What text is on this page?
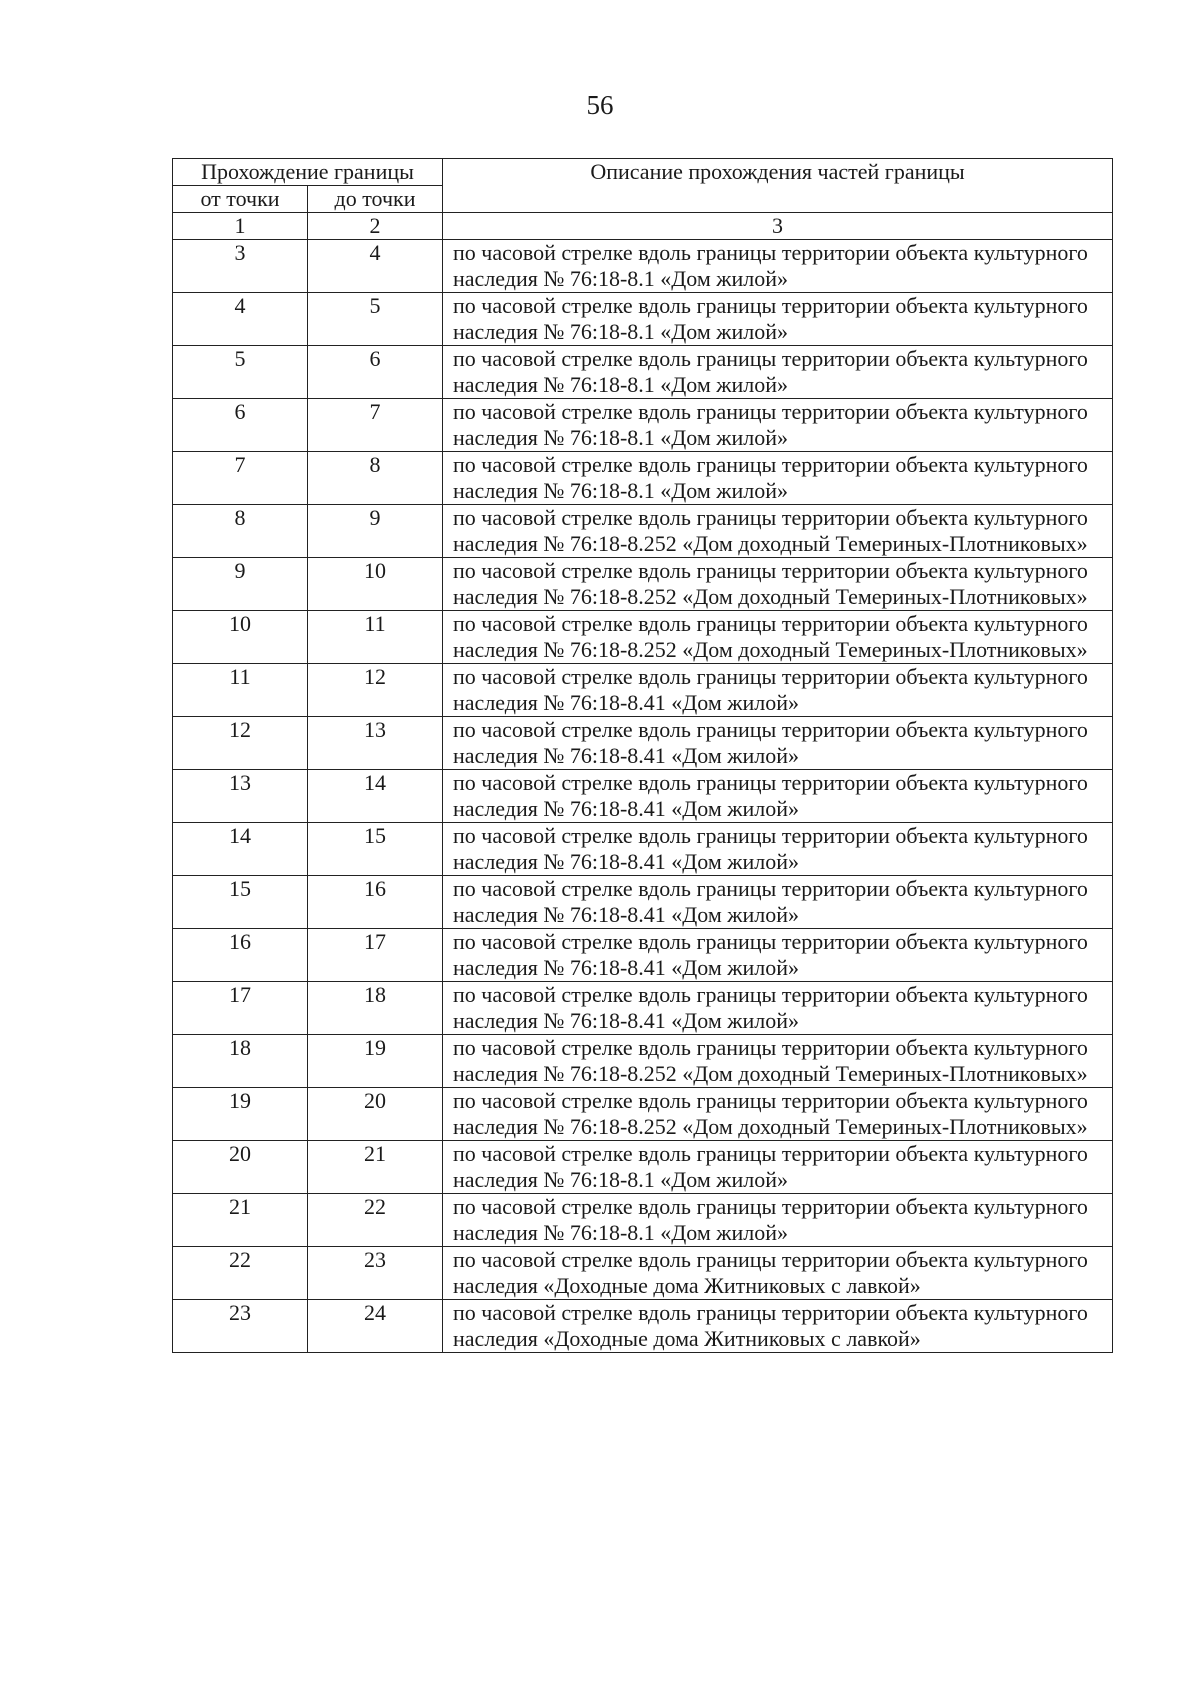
56
Прохождение границы		Описание прохождения частей границы
от точки	до точки	
1	2	3
3	4	по часовой стрелке вдоль границы территории объекта культурного наследия № 76:18-8.1 «Дом жилой»
4	5	по часовой стрелке вдоль границы территории объекта культурного наследия № 76:18-8.1 «Дом жилой»
5	6	по часовой стрелке вдоль границы территории объекта культурного наследия № 76:18-8.1 «Дом жилой»
6	7	по часовой стрелке вдоль границы территории объекта культурного наследия № 76:18-8.1 «Дом жилой»
7	8	по часовой стрелке вдоль границы территории объекта культурного наследия № 76:18-8.1 «Дом жилой»
8	9	по часовой стрелке вдоль границы территории объекта культурного наследия № 76:18-8.252 «Дом доходный Темериных-Плотниковых»
9	10	по часовой стрелке вдоль границы территории объекта культурного наследия № 76:18-8.252 «Дом доходный Темериных-Плотниковых»
10	11	по часовой стрелке вдоль границы территории объекта культурного наследия № 76:18-8.252 «Дом доходный Темериных-Плотниковых»
11	12	по часовой стрелке вдоль границы территории объекта культурного наследия № 76:18-8.41 «Дом жилой»
12	13	по часовой стрелке вдоль границы территории объекта культурного наследия № 76:18-8.41 «Дом жилой»
13	14	по часовой стрелке вдоль границы территории объекта культурного наследия № 76:18-8.41 «Дом жилой»
14	15	по часовой стрелке вдоль границы территории объекта культурного наследия № 76:18-8.41 «Дом жилой»
15	16	по часовой стрелке вдоль границы территории объекта культурного наследия № 76:18-8.41 «Дом жилой»
16	17	по часовой стрелке вдоль границы территории объекта культурного наследия № 76:18-8.41 «Дом жилой»
17	18	по часовой стрелке вдоль границы территории объекта культурного наследия № 76:18-8.41 «Дом жилой»
18	19	по часовой стрелке вдоль границы территории объекта культурного наследия № 76:18-8.252 «Дом доходный Темериных-Плотниковых»
19	20	по часовой стрелке вдоль границы территории объекта культурного наследия № 76:18-8.252 «Дом доходный Темериных-Плотниковых»
20	21	по часовой стрелке вдоль границы территории объекта культурного наследия № 76:18-8.1 «Дом жилой»
21	22	по часовой стрелке вдоль границы территории объекта культурного наследия № 76:18-8.1 «Дом жилой»
22	23	по часовой стрелке вдоль границы территории объекта культурного наследия «Доходные дома Житниковых с лавкой»
23	24	по часовой стрелке вдоль границы территории объекта культурного наследия «Доходные дома Житниковых с лавкой»
